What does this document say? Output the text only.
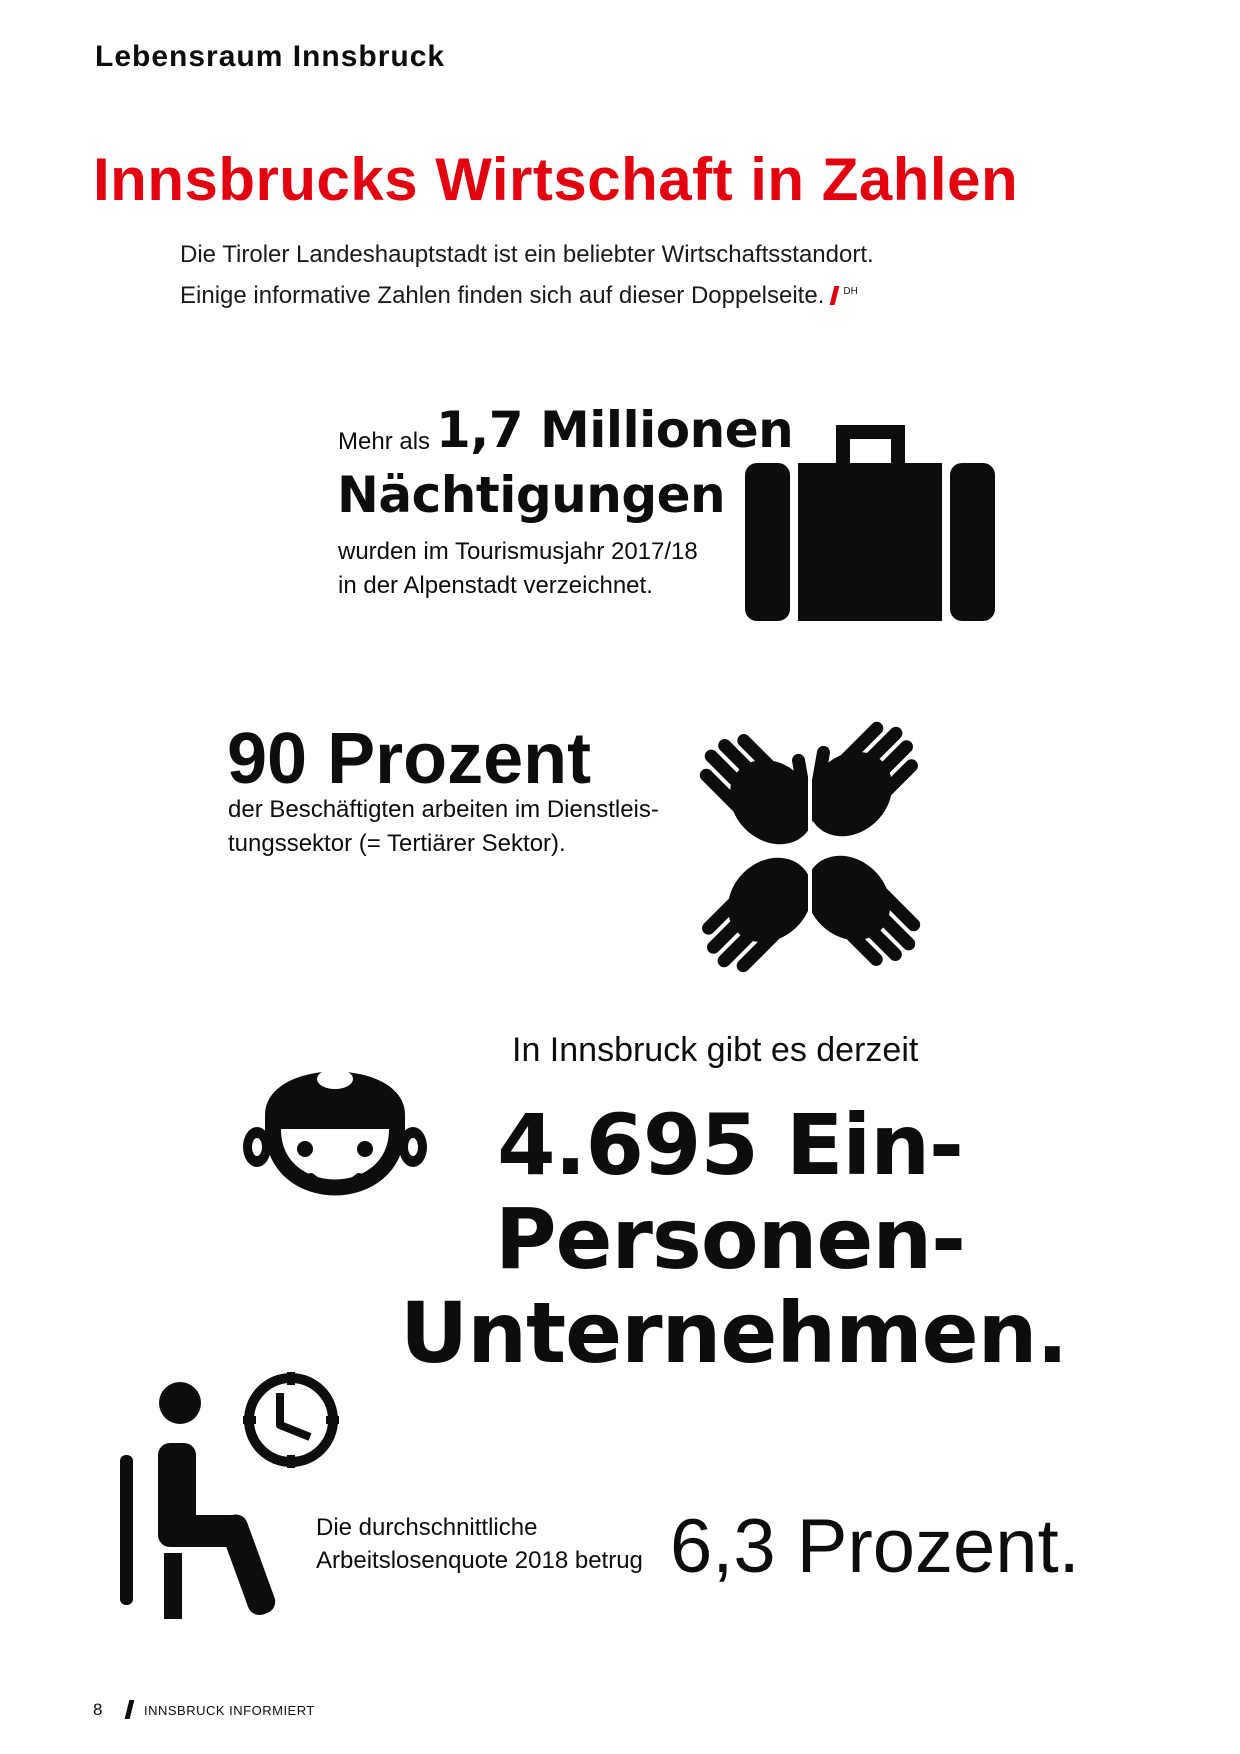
Lebensraum Innsbruck
Innsbrucks Wirtschaft in Zahlen
Die Tiroler Landeshauptstadt ist ein beliebter Wirtschaftsstandort.
Einige informative Zahlen finden sich auf dieser Doppelseite. $^{DH}$
Mehr als 1,7 Millionen
Nächtigungen
wurden im Tourismusjahr 2017/18
in der Alpenstadt verzeichnet.
90 Prozent
der Beschäftigten arbeiten im Dienstleis-
tungssektor (= Tertiärer Sektor).
In Innsbruck gibt es derzeit
4.695 Ein-
Personen-
Unternehmen.
Die durchschnittliche
Arbeitslosenquote 2018 betrug 6,3 Prozent.
8	INNSBRUCK INFORMIERT
